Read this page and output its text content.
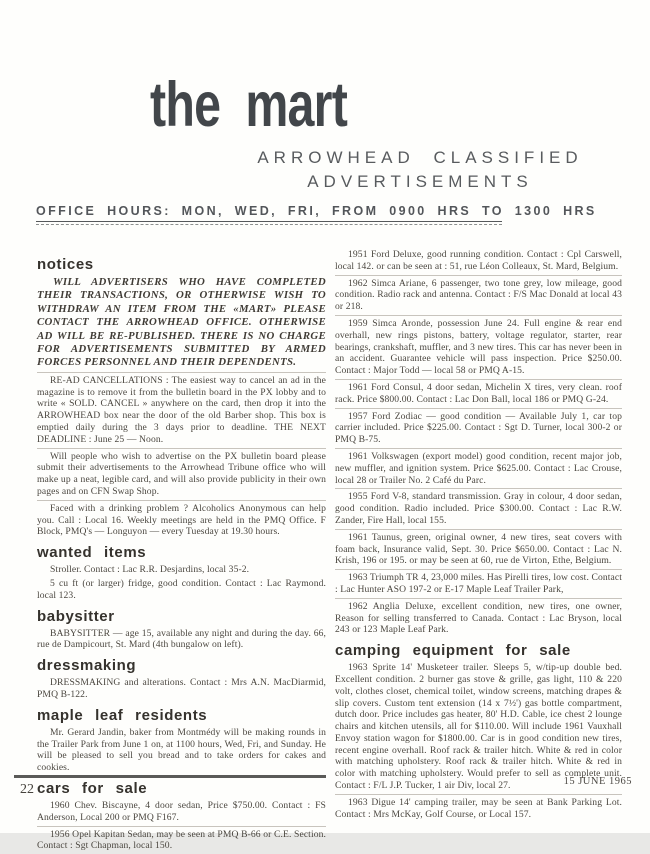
the mart
ARROWHEAD CLASSIFIED
ADVERTISEMENTS
OFFICE HOURS: MON, WED, FRI, FROM 0900 HRS TO 1300 HRS
notices

WILL ADVERTISERS WHO HAVE COMPLETED THEIR TRANSACTIONS, OR OTHERWISE WISH TO WITHDRAW AN ITEM FROM THE «MART» PLEASE CONTACT THE ARROWHEAD OFFICE. OTHERWISE AD WILL BE RE-PUBLISHED. THERE IS NO CHARGE FOR ADVERTISEMENTS SUBMITTED BY ARMED FORCES PERSONNEL AND THEIR DEPENDENTS.

RE-AD CANCELLATIONS : The easiest way to cancel an ad in the magazine is to remove it from the bulletin board in the PX lobby and to write « SOLD. CANCEL » anywhere on the card, then drop it into the ARROWHEAD box near the door of the old Barber shop. This box is emptied daily during the 3 days prior to deadline. THE NEXT DEADLINE : June 25 — Noon.

Will people who wish to advertise on the PX bulletin board please submit their advertisements to the Arrowhead Tribune office who will make up a neat, legible card, and will also provide publicity in their own pages and on CFN Swap Shop.

Faced with a drinking problem ? Alcoholics Anonymous can help you. Call : Local 16. Weekly meetings are held in the PMQ Office. F Block, PMQ's — Longuyon — every Tuesday at 19.30 hours.

wanted items

Stroller. Contact : Lac R.R. Desjardins, local 35-2.

5 cu ft (or larger) fridge, good condition. Contact : Lac Raymond. local 123.

babysitter

BABYSITTER — age 15, available any night and during the day. 66, rue de Dampicourt, St. Mard (4th bungalow on left).

dressmaking

DRESSMAKING and alterations. Contact : Mrs A.N. MacDiarmid, PMQ B-122.

maple leaf residents

Mr. Gerard Jandin, baker from Montmédy will be making rounds in the Trailer Park from June 1 on, at 1100 hours, Wed, Fri, and Sunday. He will be pleased to sell you bread and to take orders for cakes and cookies.

cars for sale

1960 Chev. Biscayne, 4 door sedan, Price $750.00. Contact : FS Anderson, Local 200 or PMQ F167.

1956 Opel Kapitan Sedan, may be seen at PMQ B-66 or C.E. Section. Contact : Sgt Chapman, local 150.

1951 Ford Deluxe, good running condition. Contact : Cpl Carswell, local 142. or can be seen at : 51, rue Léon Colleaux, St. Mard, Belgium.

1962 Simca Ariane, 6 passenger, two tone grey, low mileage, good condition. Radio rack and antenna. Contact : F/S Mac Donald at local 43 or 218.

1959 Simca Aronde, possession June 24. Full engine & rear end overhall, new rings pistons, battery, voltage regulator, starter, rear bearings, crankshaft, muffler, and 3 new tires. This car has never been in an accident. Guarantee vehicle will pass inspection. Price $250.00. Contact : Major Todd — local 58 or PMQ A-15.

1961 Ford Consul, 4 door sedan, Michelin X tires, very clean. roof rack. Price $800.00. Contact : Lac Don Ball, local 186 or PMQ G-24.

1957 Ford Zodiac — good condition — Available July 1, car top carrier included. Price $225.00. Contact : Sgt D. Turner, local 300-2 or PMQ B-75.

1961 Volkswagen (export model) good condition, recent major job, new muffler, and ignition system. Price $625.00. Contact : Lac Crouse, local 28 or Trailer No. 2 Café du Parc.

1955 Ford V-8, standard transmission. Gray in colour, 4 door sedan, good condition. Radio included. Price $300.00. Contact : Lac R.W. Zander, Fire Hall, local 155.

1961 Taunus, green, original owner, 4 new tires, seat covers with foam back, Insurance valid, Sept. 30. Price $650.00. Contact : Lac N. Krish, 196 or 195. or may be seen at 60, rue de Virton, Ethe, Belgium.

1963 Triumph TR 4, 23,000 miles. Has Pirelli tires, low cost. Contact : Lac Hunter ASO 197-2 or E-17 Maple Leaf Trailer Park,

1962 Anglia Deluxe, excellent condition, new tires, one owner, Reason for selling transferred to Canada. Contact : Lac Bryson, local 243 or 123 Maple Leaf Park.

camping equipment for sale

1963 Sprite 14' Musketeer trailer. Sleeps 5, w/tip-up double bed. Excellent condition. 2 burner gas stove & grille, gas light, 110 & 220 volt, clothes closet, chemical toilet, window screens, matching drapes & slip covers. Custom tent extension (14 x 7½') gas bottle compartment, dutch door. Price includes gas heater, 80' H.D. Cable, ice chest 2 lounge chairs and kitchen utensils, all for $110.00. Will include 1961 Vauxhall Envoy station wagon for $1800.00. Car is in good condition new tires, recent engine overhall. Roof rack & trailer hitch. White & red in color with matching upholstery. Roof rack & trailer hitch. White & red in color with matching upholstery. Would prefer to sell as complete unit. Contact : F/L J.P. Tucker, 1 air Div, local 27.

1963 Digue 14' camping trailer, may be seen at Bank Parking Lot. Contact : Mrs McKay, Golf Course, or Local 157.

22
15 JUNE 1965
